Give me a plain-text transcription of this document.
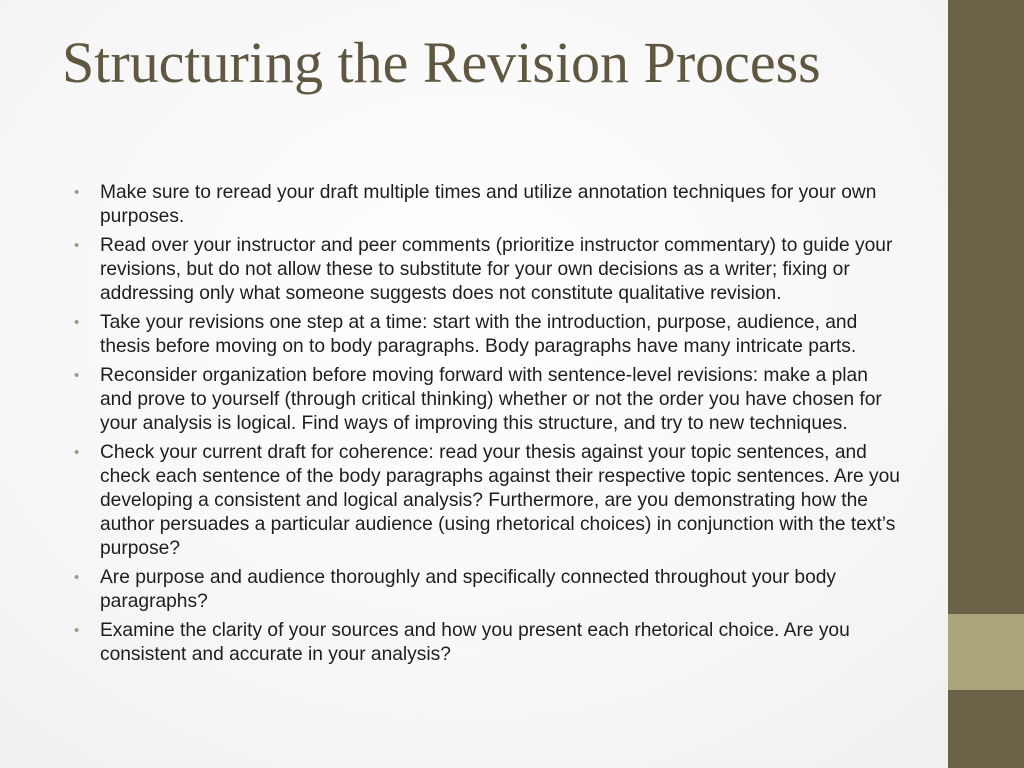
Structuring the Revision Process
• Make sure to reread your draft multiple times and utilize annotation techniques for your own purposes.
• Read over your instructor and peer comments (prioritize instructor commentary) to guide your revisions, but do not allow these to substitute for your own decisions as a writer; fixing or addressing only what someone suggests does not constitute qualitative revision.
• Take your revisions one step at a time: start with the introduction, purpose, audience, and thesis before moving on to body paragraphs. Body paragraphs have many intricate parts.
• Reconsider organization before moving forward with sentence-level revisions: make a plan and prove to yourself (through critical thinking) whether or not the order you have chosen for your analysis is logical. Find ways of improving this structure, and try to new techniques.
• Check your current draft for coherence: read your thesis against your topic sentences, and check each sentence of the body paragraphs against their respective topic sentences. Are you developing a consistent and logical analysis? Furthermore, are you demonstrating how the author persuades a particular audience (using rhetorical choices) in conjunction with the text’s purpose?
• Are purpose and audience thoroughly and specifically connected throughout your body paragraphs?
• Examine the clarity of your sources and how you present each rhetorical choice. Are you consistent and accurate in your analysis?
